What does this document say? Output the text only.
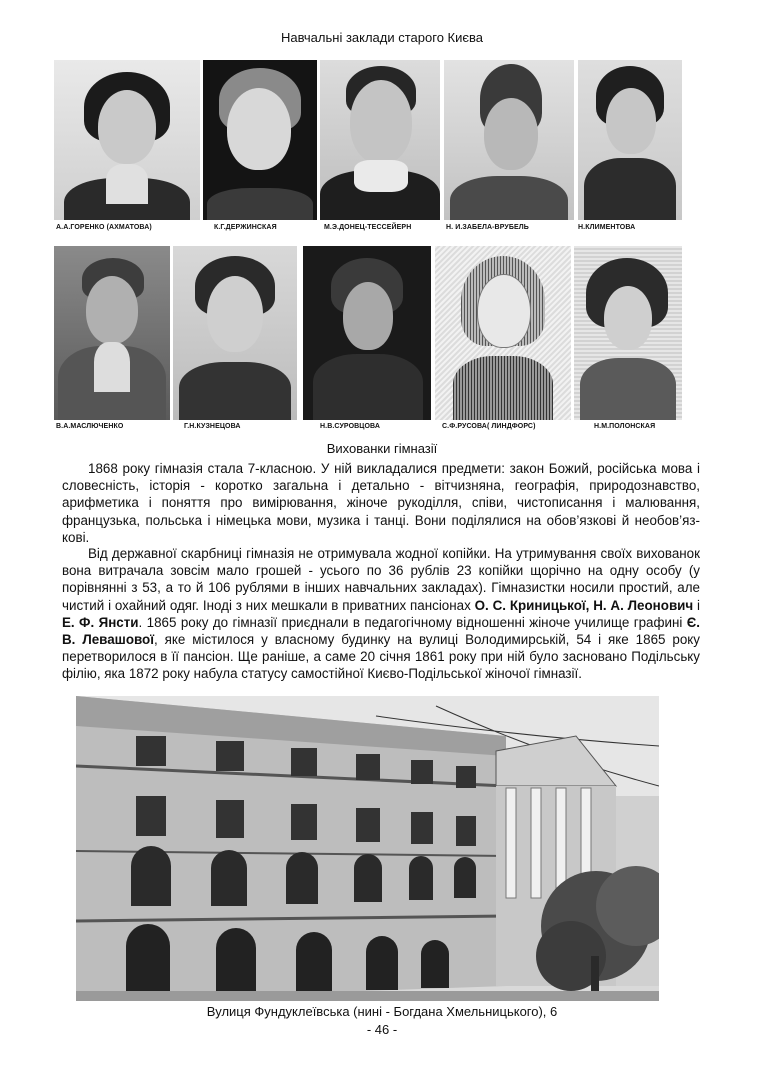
Навчальні заклади старого Києва
А.А.ГОРЕНКО (АХМАТОВА)	К.Г.ДЕРЖИНСКАЯ	М.Э.ДОНЕЦ-ТЕССЕЙЕРН	Н. И.ЗАБЕЛА-ВРУБЕЛЬ	Н.КЛИМЕНТОВА
В.А.МАСЛЮЧЕНКО	Г.Н.КУЗНЕЦОВА	Н.В.СУРОВЦОВА	С.Ф.РУСОВА( ЛИНДФОРС)	Н.М.ПОЛОНСКАЯ
Вихованки гімназії
1868 року гімназія стала 7-класною. У ній викладалися предмети: закон Божий, російська мова і словесність, історія - коротко загальна і детально - вітчизняна, географія, природознавство, арифметика і поняття про вимірювання, жіноче рукоділля, співи, чистописання і малювання, французька, польська і німецька мови, музика і танці. Вони поділялися на обов’язкові й необов’язкові.
Від державної скарбниці гімназія не отримувала жодної копійки. На утримування своїх вихованок вона витрачала зовсім мало грошей - усього по 36 рублів 23 копійки щорічно на одну особу (у порівнянні з 53, а то й 106 рублями в інших навчальних закладах). Гімназистки носили простий, але чистий і охайний одяг. Іноді з них мешкали в приватних пансіонах О. С. Криницької, Н. А. Леонович і Е. Ф. Янсти. 1865 року до гімназії приєднали в педагогічному відношенні жіноче училище графині Є. В. Левашової, яке містилося у власному будинку на вулиці Володимирській, 54 і яке 1865 року перетворилося в її пансіон. Ще раніше, а саме 20 січня 1861 року при ній було засновано Подільську філію, яка 1872 року набула статусу самостійної Києво-Подільської жіночої гімназії.
Вулиця Фундуклеївська (нині - Богдана Хмельницького), 6
- 46 -
